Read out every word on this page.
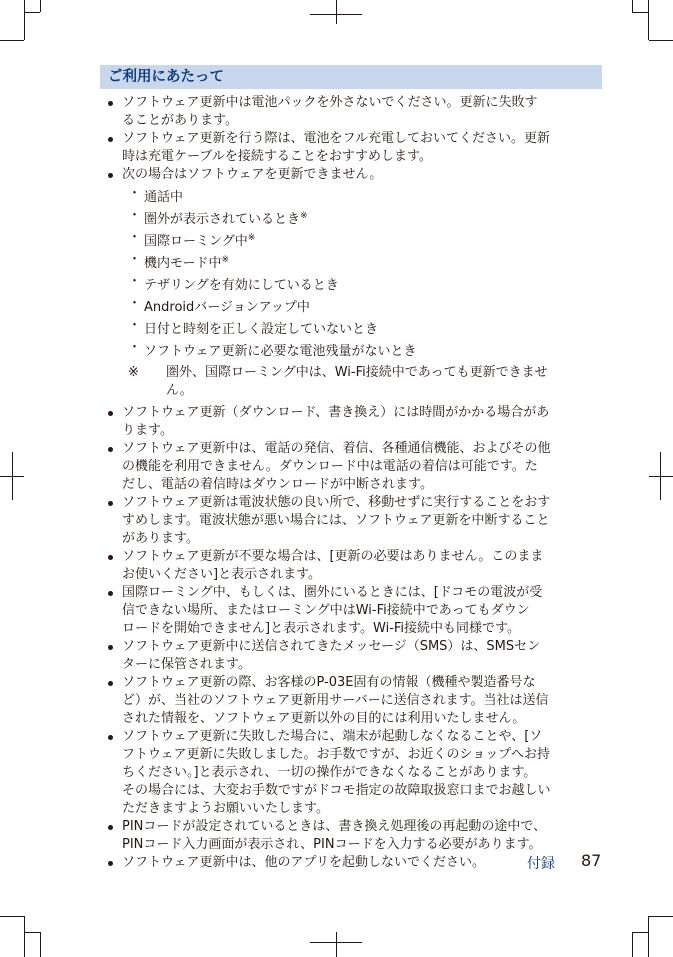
ご利用にあたって
ソフトウェア更新中は電池パックを外さないでください。更新に失敗す
ることがあります。
ソフトウェア更新を行う際は、電池をフル充電しておいてください。更新
時は充電ケーブルを接続することをおすすめします。
次の場合はソフトウェアを更新できません。
・ 通話中
・ 圏外が表示されているとき※
・ 国際ローミング中※
・ 機内モード中※
・ テザリングを有効にしているとき
・ Androidバージョンアップ中
・ 日付と時刻を正しく設定していないとき
・ ソフトウェア更新に必要な電池残量がないとき
※ 圏外、国際ローミング中は、Wi-Fi接続中であっても更新できませ
ん。
ソフトウェア更新（ダウンロード、書き換え）には時間がかかる場合があ
ります。
ソフトウェア更新中は、電話の発信、着信、各種通信機能、およびその他
の機能を利用できません。ダウンロード中は電話の着信は可能です。た
だし、電話の着信時はダウンロードが中断されます。
ソフトウェア更新は電波状態の良い所で、移動せずに実行することをおす
すめします。電波状態が悪い場合には、ソフトウェア更新を中断すること
があります。
ソフトウェア更新が不要な場合は、[更新の必要はありません。このまま
お使いください]と表示されます。
国際ローミング中、もしくは、圏外にいるときには、[ドコモの電波が受
信できない場所、またはローミング中はWi-Fi接続中であってもダウン
ロードを開始できません]と表示されます。Wi-Fi接続中も同様です。
ソフトウェア更新中に送信されてきたメッセージ（SMS）は、SMSセン
ターに保管されます。
ソフトウェア更新の際、お客様のP-03E固有の情報（機種や製造番号な
ど）が、当社のソフトウェア更新用サーバーに送信されます。当社は送信
された情報を、ソフトウェア更新以外の目的には利用いたしません。
ソフトウェア更新に失敗した場合に、端末が起動しなくなることや、[ソ
フトウェア更新に失敗しました。お手数ですが、お近くのショップへお持
ちください。]と表示され、一切の操作ができなくなることがあります。
その場合には、大変お手数ですがドコモ指定の故障取扱窓口までお越しい
ただきますようお願いいたします。
PINコードが設定されているときは、書き換え処理後の再起動の途中で、
PINコード入力画面が表示され、PINコードを入力する必要があります。
ソフトウェア更新中は、他のアプリを起動しないでください。	付録 87
